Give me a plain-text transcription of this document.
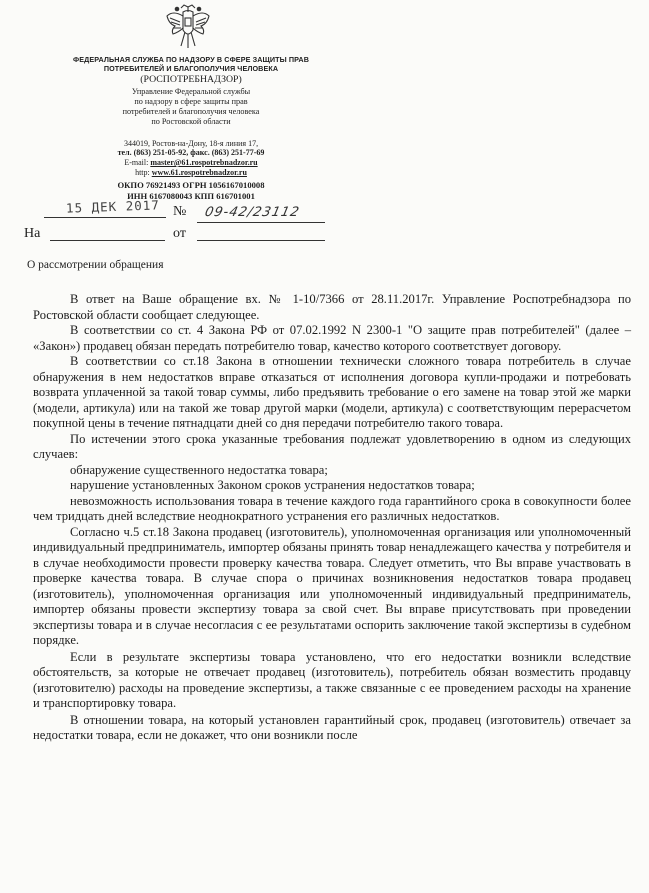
ФЕДЕРАЛЬНАЯ СЛУЖБА ПО НАДЗОРУ В СФЕРЕ ЗАЩИТЫ ПРАВ
ПОТРЕБИТЕЛЕЙ И БЛАГОПОЛУЧИЯ ЧЕЛОВЕКА
(РОСПОТРЕБНАДЗОР)
Управление Федеральной службы
по надзору в сфере защиты прав
потребителей и благополучия человека
по Ростовской области
344019, Ростов-на-Дону, 18-я линия 17,
тел. (863) 251-05-92, факс. (863) 251-77-69
E-mail: master@61.rospotrebnadzor.ru
http: www.61.rospotrebnadzor.ru
ОКПО 76921493 ОГРН 1056167010008
ИНН 6167080043 КПП 616701001
15 ДЕК 2017 № 09-42/23112
На	от
О рассмотрении обращения

В ответ на Ваше обращение вх. № 1-10/7366 от 28.11.2017г. Управление Роспотребнадзора по Ростовской области сообщает следующее.

В соответствии со ст. 4 Закона РФ от 07.02.1992 N 2300-1 "О защите прав потребителей" (далее – «Закон») продавец обязан передать потребителю товар, качество которого соответствует договору.

В соответствии со ст.18 Закона в отношении технически сложного товара потребитель в случае обнаружения в нем недостатков вправе отказаться от исполнения договора купли-продажи и потребовать возврата уплаченной за такой товар суммы, либо предъявить требование о его замене на товар этой же марки (модели, артикула) или на такой же товар другой марки (модели, артикула) с соответствующим перерасчетом покупной цены в течение пятнадцати дней со дня передачи потребителю такого товара.

По истечении этого срока указанные требования подлежат удовлетворению в одном из следующих случаев:

обнаружение существенного недостатка товара;

нарушение установленных Законом сроков устранения недостатков товара;

невозможность использования товара в течение каждого года гарантийного срока в совокупности более чем тридцать дней вследствие неоднократного устранения его различных недостатков.

Согласно ч.5 ст.18 Закона продавец (изготовитель), уполномоченная организация или уполномоченный индивидуальный предприниматель, импортер обязаны принять товар ненадлежащего качества у потребителя и в случае необходимости провести проверку качества товара. Следует отметить, что Вы вправе участвовать в проверке качества товара. В случае спора о причинах возникновения недостатков товара продавец (изготовитель), уполномоченная организация или уполномоченный индивидуальный предприниматель, импортер обязаны провести экспертизу товара за свой счет. Вы вправе присутствовать при проведении экспертизы товара и в случае несогласия с ее результатами оспорить заключение такой экспертизы в судебном порядке.

Если в результате экспертизы товара установлено, что его недостатки возникли вследствие обстоятельств, за которые не отвечает продавец (изготовитель), потребитель обязан возместить продавцу (изготовителю) расходы на проведение экспертизы, а также связанные с ее проведением расходы на хранение и транспортировку товара.

В отношении товара, на который установлен гарантийный срок, продавец (изготовитель) отвечает за недостатки товара, если не докажет, что они возникли после
